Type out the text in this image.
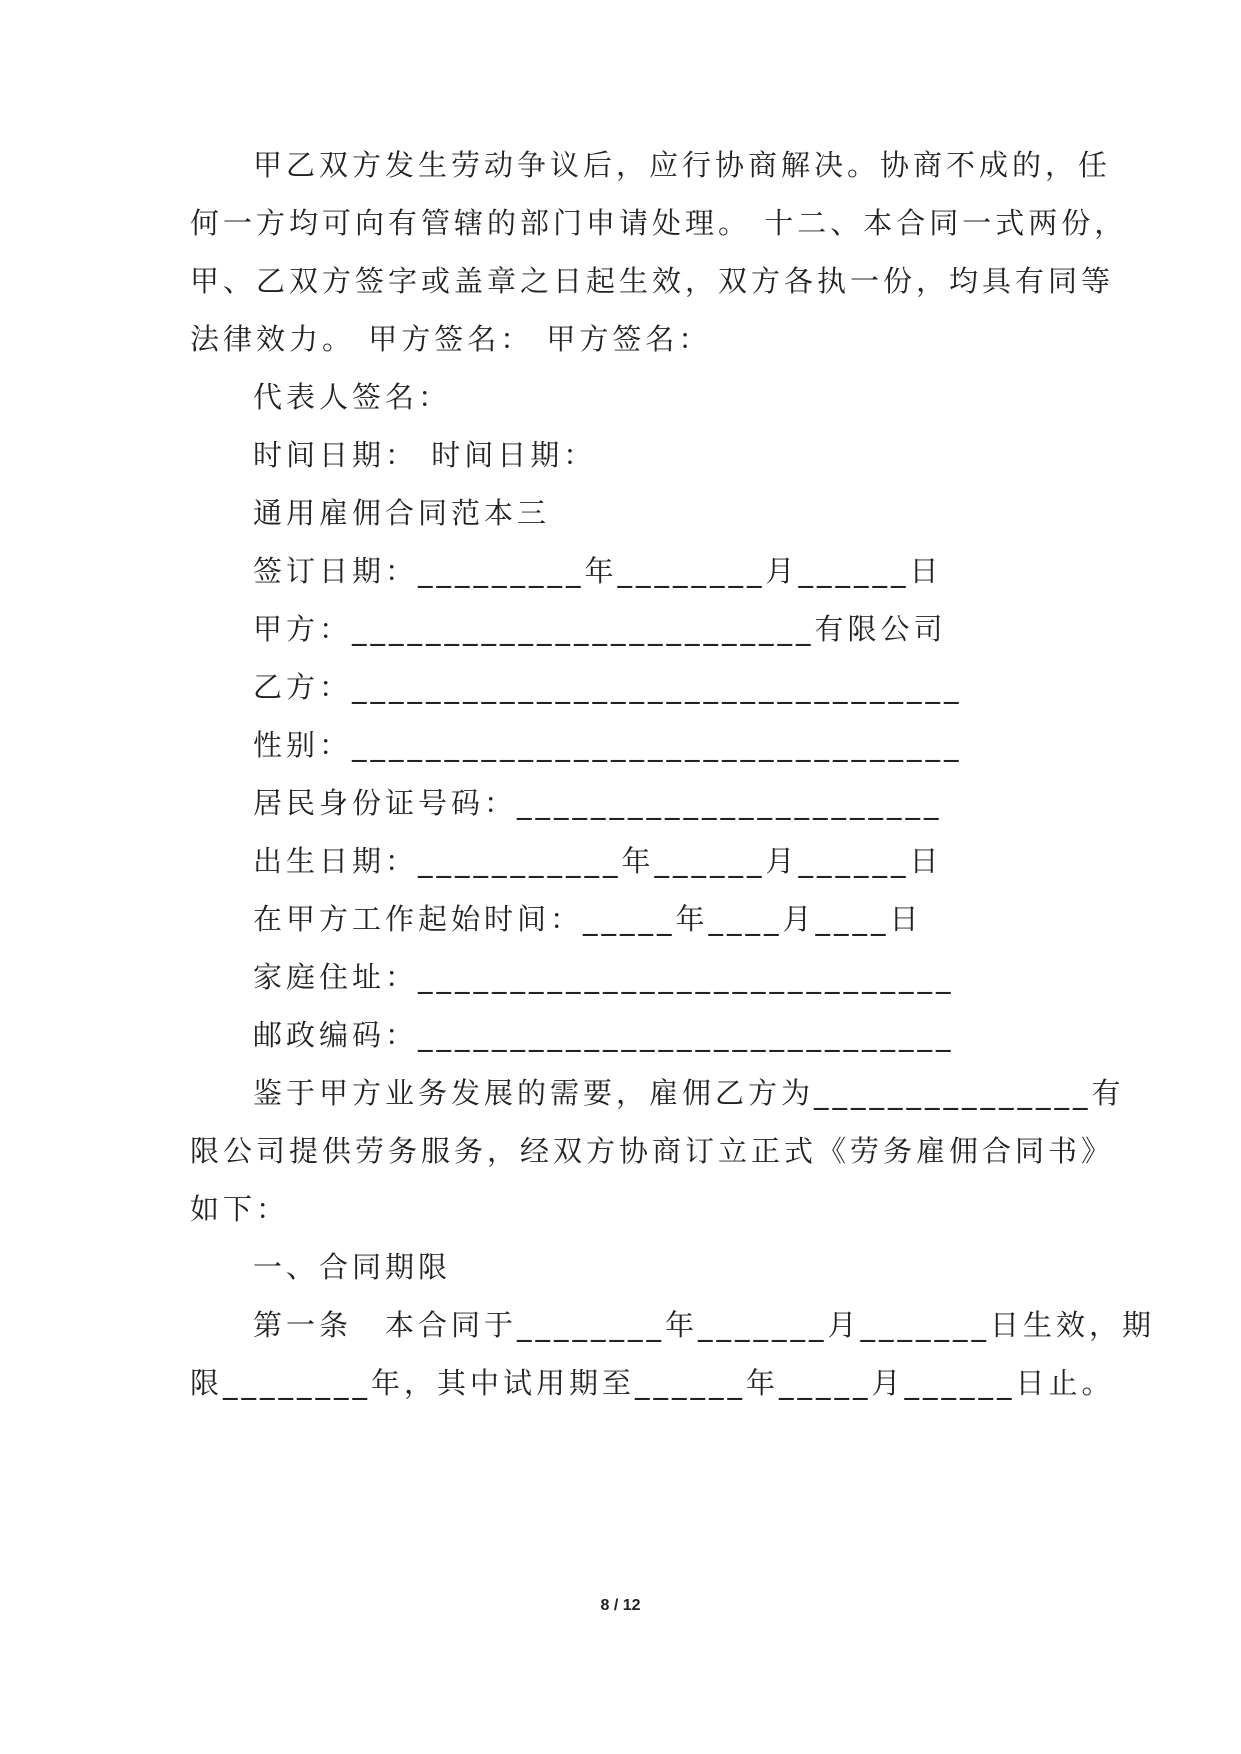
甲乙双方发生劳动争议后，应行协商解决。协商不成的，任
何一方均可向有管辖的部门申请处理。 十二、本合同一式两份，
甲、乙双方签字或盖章之日起生效，双方各执一份，均具有同等
法律效力。 甲方签名： 甲方签名：
代表人签名：
时间日期： 时间日期：
通用雇佣合同范本三
签订日期：_________年________月______日
甲方：_________________________有限公司
乙方：_________________________________
性别：_________________________________
居民身份证号码：_______________________
出生日期：___________年______月______日
在甲方工作起始时间：_____年____月____日
家庭住址：_____________________________
邮政编码：_____________________________
鉴于甲方业务发展的需要，雇佣乙方为_______________有
限公司提供劳务服务，经双方协商订立正式《劳务雇佣合同书》
如下：
一、合同期限
第一条　本合同于________年_______月_______日生效，期
限________年，其中试用期至______年_____月______日止。
8 / 12
